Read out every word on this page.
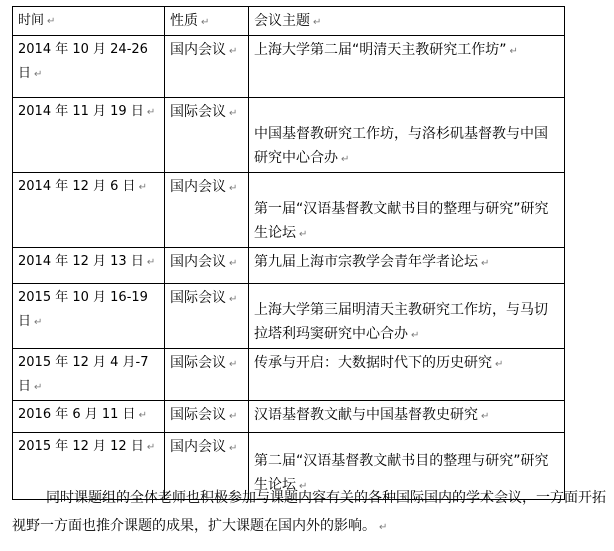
时间 ↵	性质 ↵	会议主题 ↵
2014 年 10 月 24-26 日 ↵	国内会议 ↵	上海大学第二届“明清天主教研究工作坊” ↵
2014 年 11 月 19 日 ↵	国际会议 ↵	中国基督教研究工作坊，与洛杉矶基督教与中国研究中心合办 ↵

2014 年 12 月 6 日 ↵	国内会议 ↵	第一届“汉语基督教文献书目的整理与研究”研究生论坛 ↵

2014 年 12 月 13 日 ↵	国内会议 ↵	第九届上海市宗教学会青年学者论坛 ↵
2015 年 10 月 16-19 日 ↵	国际会议 ↵	上海大学第三届明清天主教研究工作坊，与马切拉塔利玛窦研究中心合办 ↵

2015 年 12 月 4 月-7 日 ↵	国际会议 ↵	传承与开启：大数据时代下的历史研究 ↵
2016 年 6 月 11 日 ↵	国际会议 ↵	汉语基督教文献与中国基督教史研究 ↵
2015 年 12 月 12 日 ↵	国内会议 ↵	第二届“汉语基督教文献书目的整理与研究”研究生论坛 ↵

同时课题组的全体老师也积极参加与课题内容有关的各种国际国内的学术会议，一方面开拓视野一方面也推介课题的成果，扩大课题在国内外的影响。 ↵
